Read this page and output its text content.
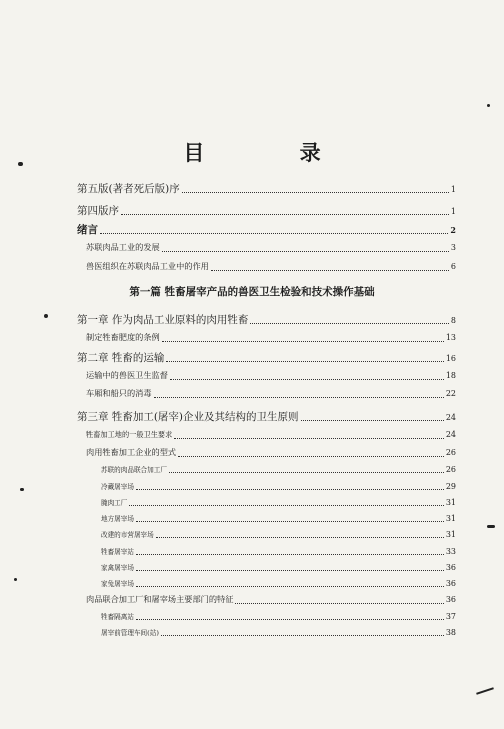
目 录
第五版(著者死后版)序	1
第四版序	1
绪言	2
苏联肉品工业的发展	3
兽医组织在苏联肉品工业中的作用	6
第一篇 牲畜屠宰产品的兽医卫生检验和技术操作基础
第一章 作为肉品工业原料的肉用牲畜	8
制定牲畜肥度的条例	13
第二章 牲畜的运输	16
运输中的兽医卫生监督	18
车厢和船只的消毒	22
第三章 牲畜加工(屠宰)企业及其结构的卫生原则	24
牲畜加工地的一般卫生要求	24
肉用牲畜加工企业的型式	26
苏联的肉品联合加工厂	26
冷藏屠宰场	29
腌肉工厂	31
地方屠宰场	31
改建的市营屠宰场	31
牲畜屠宰站	33
家禽屠宰场	36
家兔屠宰场	36
肉品联合加工厂和屠宰场主要部门的特征	36
牲畜隔离站	37
屠宰前管理车间(站)	38
